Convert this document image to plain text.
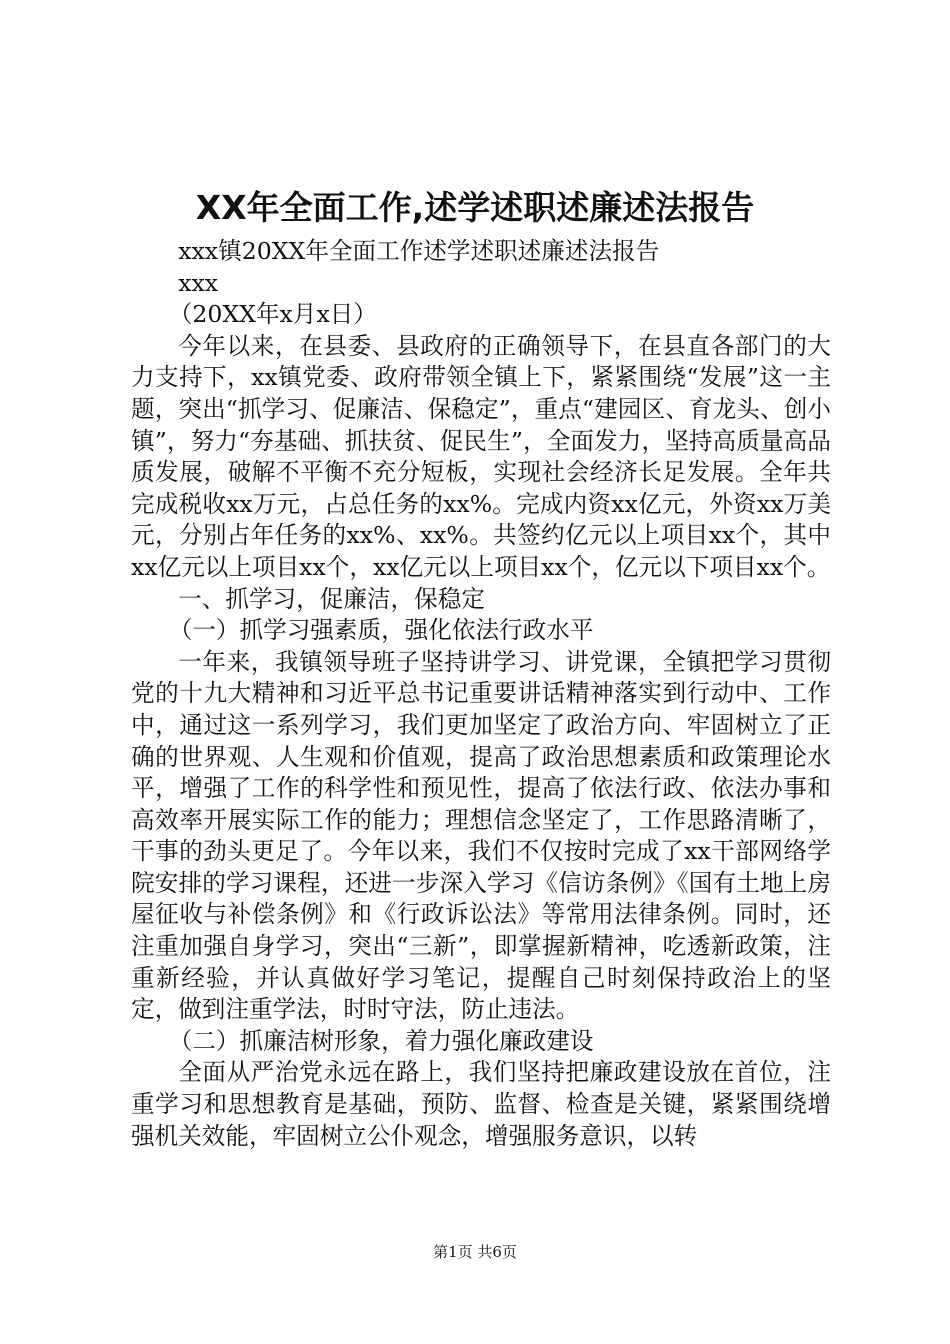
XX年全面工作,述学述职述廉述法报告

xxx镇20XX年全面工作述学述职述廉述法报告

xxx

（20XX年x月x日）

今年以来，在县委、县政府的正确领导下，在县直各部门的大力支持下，xx镇党委、政府带领全镇上下，紧紧围绕“发展”这一主题，突出“抓学习、促廉洁、保稳定”，重点“建园区、育龙头、创小镇”，努力“夯基础、抓扶贫、促民生”，全面发力，坚持高质量高品质发展，破解不平衡不充分短板，实现社会经济长足发展。全年共完成税收xx万元，占总任务的xx%。完成内资xx亿元，外资xx万美元，分别占年任务的xx%、xx%。共签约亿元以上项目xx个，其中xx亿元以上项目xx个，xx亿元以上项目xx个，亿元以下项目xx个。

一、抓学习，促廉洁，保稳定

（一）抓学习强素质，强化依法行政水平

一年来，我镇领导班子坚持讲学习、讲党课，全镇把学习贯彻党的十九大精神和习近平总书记重要讲话精神落实到行动中、工作中，通过这一系列学习，我们更加坚定了政治方向、牢固树立了正确的世界观、人生观和价值观，提高了政治思想素质和政策理论水平，增强了工作的科学性和预见性，提高了依法行政、依法办事和高效率开展实际工作的能力；理想信念坚定了，工作思路清晰了，干事的劲头更足了。今年以来，我们不仅按时完成了xx干部网络学院安排的学习课程，还进一步深入学习《信访条例》《国有土地上房屋征收与补偿条例》和《行政诉讼法》等常用法律条例。同时，还注重加强自身学习，突出“三新”，即掌握新精神，吃透新政策，注重新经验，并认真做好学习笔记，提醒自己时刻保持政治上的坚定，做到注重学法，时时守法，防止违法。

（二）抓廉洁树形象，着力强化廉政建设

全面从严治党永远在路上，我们坚持把廉政建设放在首位，注重学习和思想教育是基础，预防、监督、检查是关键，紧紧围绕增强机关效能，牢固树立公仆观念，增强服务意识，以转

第1页 共6页
